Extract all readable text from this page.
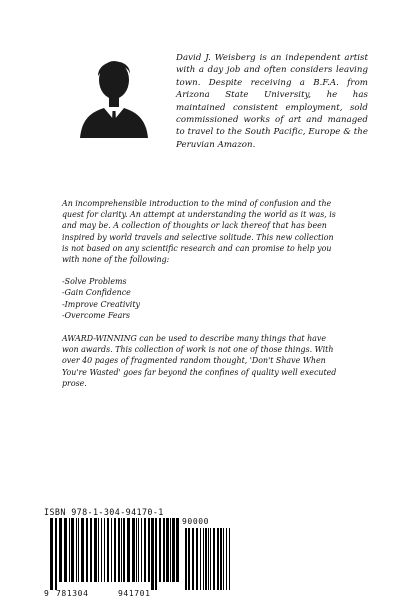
David J. Weisberg is an independent artist with a day job and often considers leaving town. Despite receiving a B.F.A. from Arizona State University, he has maintained consistent employment, sold commissioned works of art and managed to travel to the South Pacific, Europe & the Peruvian Amazon.

An incomprehensible introduction to the mind of confusion and the quest for clarity. An attempt at understanding the world as it was, is and may be. A collection of thoughts or lack thereof that has been inspired by world travels and selective solitude. This new collection is not based on any scientific research and can promise to help you with none of the following:

-Solve Problems
-Gain Confidence
-Improve Creativity
-Overcome Fears

AWARD-WINNING can be used to describe many things that have won awards. This collection of work is not one of those things. With over 40 pages of fragmented random thought, 'Don't Shave When You're Wasted' goes far beyond the confines of quality well executed prose.

ISBN 978-1-304-94170-1
90000
9 781304	941701
